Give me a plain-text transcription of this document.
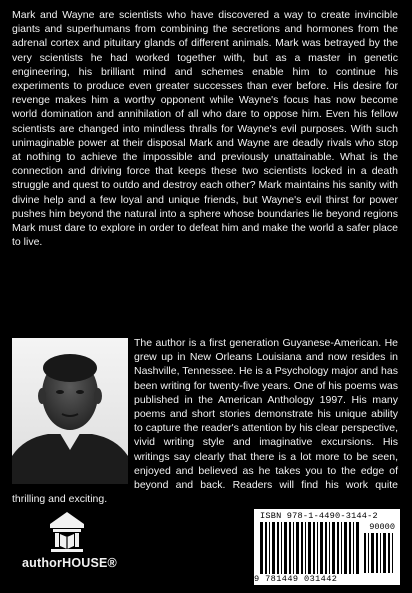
Mark and Wayne are scientists who have discovered a way to create invincible giants and superhumans from combining the secretions and hormones from the adrenal cortex and pituitary glands of different animals. Mark was betrayed by the very scientists he had worked together with, but as a master in genetic engineering, his brilliant mind and schemes enable him to continue his experiments to produce even greater successes than ever before. His desire for revenge makes him a worthy opponent while Wayne's focus has now become world domination and annihilation of all who dare to oppose him. Even his fellow scientists are changed into mindless thralls for Wayne's evil purposes. With such unimaginable power at their disposal Mark and Wayne are deadly rivals who stop at nothing to achieve the impossible and previously unattainable. What is the connection and driving force that keeps these two scientists locked in a death struggle and quest to outdo and destroy each other? Mark maintains his sanity with divine help and a few loyal and unique friends, but Wayne's evil thirst for power pushes him beyond the natural into a sphere whose boundaries lie beyond regions Mark must dare to explore in order to defeat him and make the world a safer place to live.

The author is a first generation Guyanese-American. He grew up in New Orleans Louisiana and now resides in Nashville, Tennessee. He is a Psychology major and has been writing for twenty-five years. One of his poems was published in the American Anthology 1997. His many poems and short stories demonstrate his unique ability to capture the reader's attention by his clear perspective, vivid writing style and imaginative excursions. His writings say clearly that there is a lot more to be seen, enjoyed and believed as he takes you to the edge of beyond and back. Readers will find his work quite thrilling and exciting.

authorHOUSE®
ISBN 978-1-4490-3144-2
90000
9 781449 031442
